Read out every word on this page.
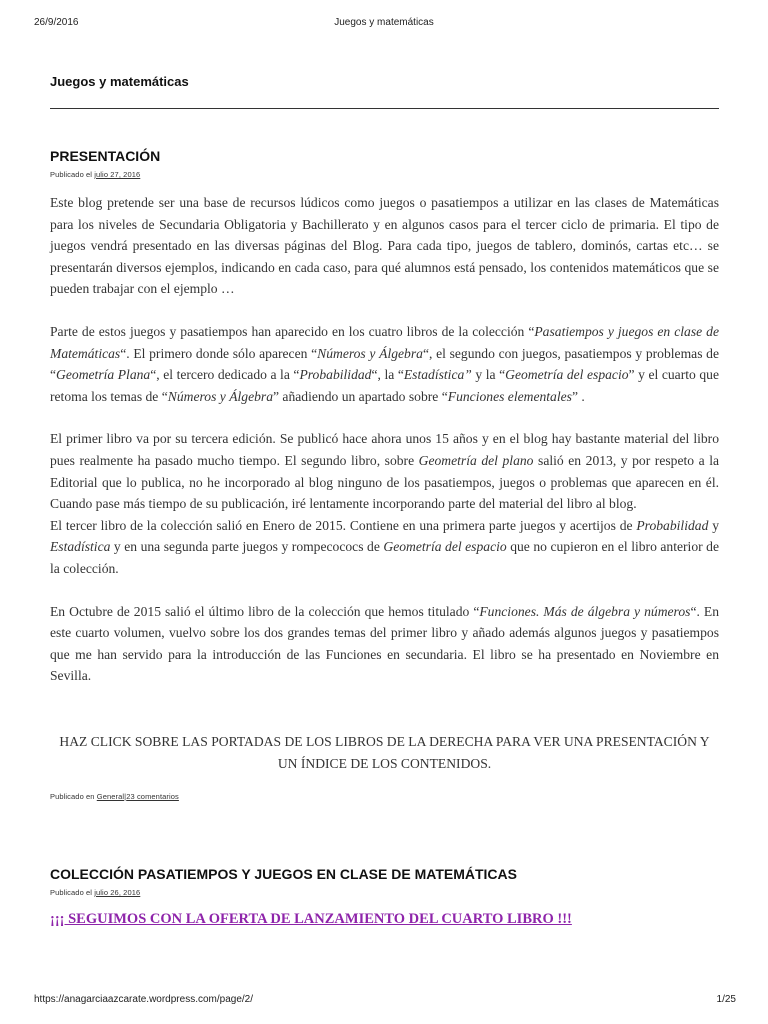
26/9/2016	Juegos y matemáticas
Juegos y matemáticas
PRESENTACIÓN
Publicado el julio 27, 2016

Este blog pretende ser una base de recursos lúdicos como juegos o pasatiempos a utilizar en las clases de Matemáticas para los niveles de Secundaria Obligatoria y Bachillerato y en algunos casos para el tercer ciclo de primaria. El tipo de juegos vendrá presentado en las diversas páginas del Blog. Para cada tipo, juegos de tablero, dominós, cartas etc… se presentarán diversos ejemplos, indicando en cada caso, para qué alumnos está pensado, los contenidos matemáticos que se pueden trabajar con el ejemplo …

Parte de estos juegos y pasatiempos han aparecido en los cuatro libros de la colección “Pasatiempos y juegos en clase de Matemáticas“. El primero donde sólo aparecen “Números y Álgebra“, el segundo con juegos, pasatiempos y problemas de “Geometría Plana“, el tercero dedicado a la “Probabilidad“, la “Estadística” y la “Geometría del espacio” y el cuarto que retoma los temas de “Números y Álgebra” añadiendo un apartado sobre “Funciones elementales” .

El primer libro va por su tercera edición. Se publicó hace ahora unos 15 años y en el blog hay bastante material del libro pues realmente ha pasado mucho tiempo. El segundo libro, sobre Geometría del plano salió en 2013, y por respeto a la Editorial que lo publica, no he incorporado al blog ninguno de los pasatiempos, juegos o problemas que aparecen en él. Cuando pase más tiempo de su publicación, iré lentamente incorporando parte del material del libro al blog.

El tercer libro de la colección salió en Enero de 2015. Contiene en una primera parte juegos y acertijos de Probabilidad y Estadística y en una segunda parte juegos y rompecococs de Geometría del espacio que no cupieron en el libro anterior de la colección.

En Octubre de 2015 salió el último libro de la colección que hemos titulado “Funciones. Más de álgebra y números“. En este cuarto volumen, vuelvo sobre los dos grandes temas del primer libro y añado además algunos juegos y pasatiempos que me han servido para la introducción de las Funciones en secundaria. El libro se ha presentado en Noviembre en Sevilla.

HAZ CLICK SOBRE LAS PORTADAS DE LOS LIBROS DE LA DERECHA PARA VER UNA PRESENTACIÓN Y UN ÍNDICE DE LOS CONTENIDOS.

Publicado en General|23 comentarios
COLECCIÓN PASATIEMPOS Y JUEGOS EN CLASE DE MATEMÁTICAS
Publicado el julio 26, 2016
¡¡¡ SEGUIMOS CON LA OFERTA DE LANZAMIENTO DEL CUARTO LIBRO !!!
https://anagarciaazcarate.wordpress.com/page/2/	1/25
